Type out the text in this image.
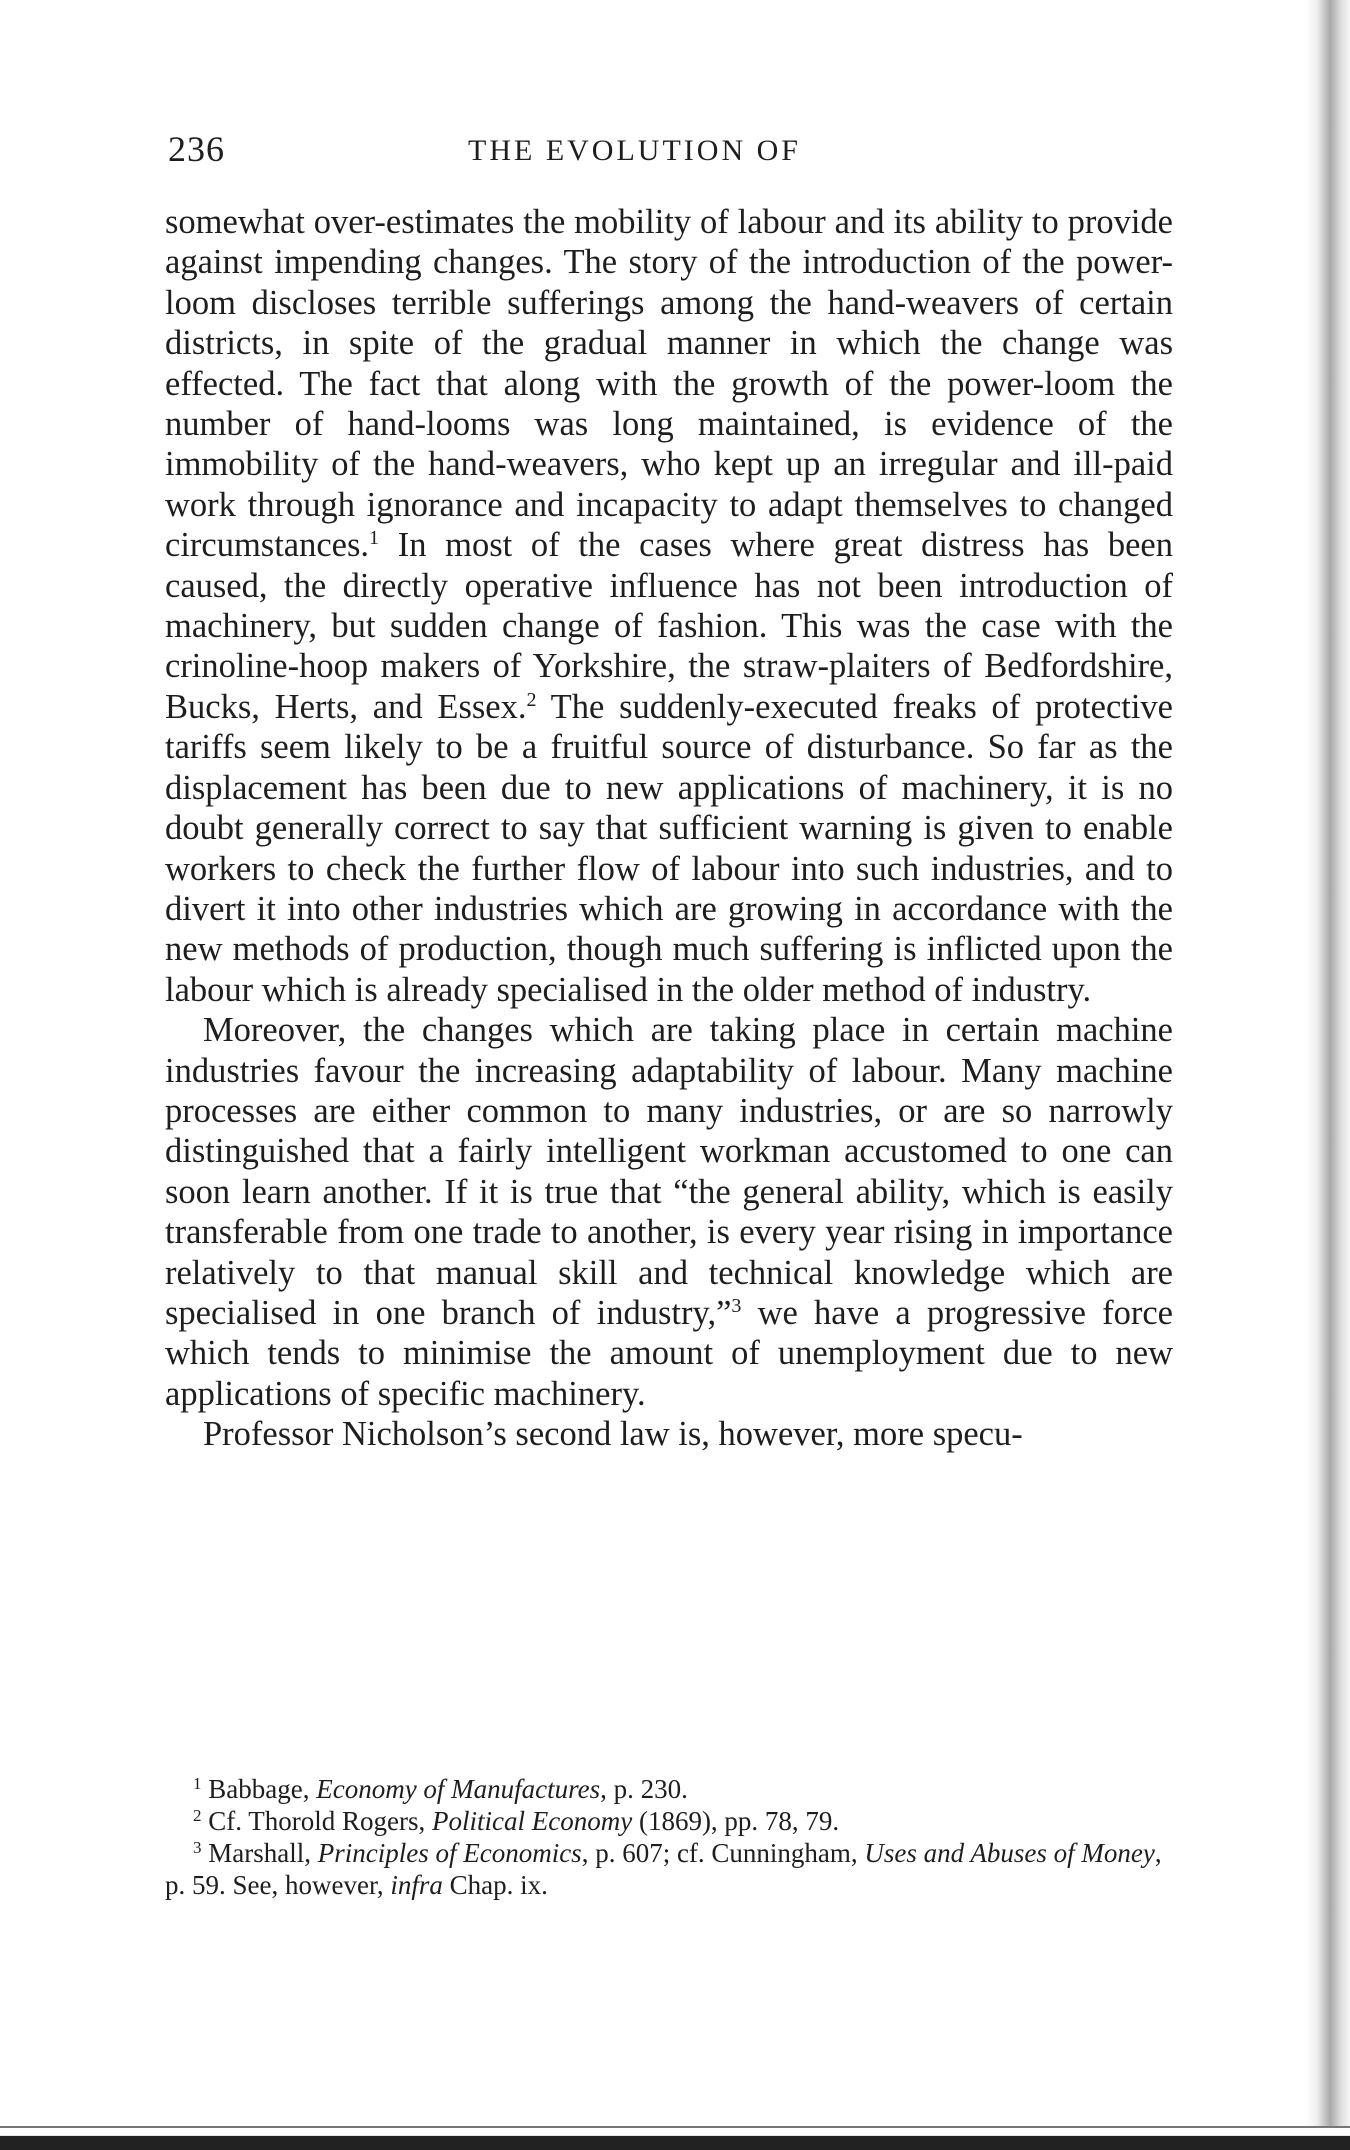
236	THE EVOLUTION OF

somewhat over-estimates the mobility of labour and its ability to provide against impending changes. The story of the introduction of the power-loom discloses terrible sufferings among the hand-weavers of certain districts, in spite of the gradual manner in which the change was effected. The fact that along with the growth of the power-loom the number of hand-looms was long maintained, is evidence of the immobility of the hand-weavers, who kept up an irregular and ill-paid work through ignorance and incapacity to adapt themselves to changed circumstances.$^1$ In most of the cases where great distress has been caused, the directly operative influence has not been introduction of machinery, but sudden change of fashion. This was the case with the crinoline-hoop makers of Yorkshire, the straw-plaiters of Bedfordshire, Bucks, Herts, and Essex.$^2$ The suddenly-executed freaks of protective tariffs seem likely to be a fruitful source of disturbance. So far as the displacement has been due to new applications of machinery, it is no doubt generally correct to say that sufficient warning is given to enable workers to check the further flow of labour into such industries, and to divert it into other industries which are growing in accordance with the new methods of production, though much suffering is inflicted upon the labour which is already specialised in the older method of industry.

Moreover, the changes which are taking place in certain machine industries favour the increasing adaptability of labour. Many machine processes are either common to many industries, or are so narrowly distinguished that a fairly intelligent workman accustomed to one can soon learn another. If it is true that “the general ability, which is easily transferable from one trade to another, is every year rising in importance relatively to that manual skill and technical knowledge which are specialised in one branch of industry,”$^3$ we have a progressive force which tends to minimise the amount of unemployment due to new applications of specific machinery.

Professor Nicholson’s second law is, however, more specu-

$^1$ Babbage, Economy of Manufactures, p. 230.

$^2$ Cf. Thorold Rogers, Political Economy (1869), pp. 78, 79.

$^3$ Marshall, Principles of Economics, p. 607; cf. Cunningham, Uses and Abuses of Money, p. 59. See, however, infra Chap. ix.
